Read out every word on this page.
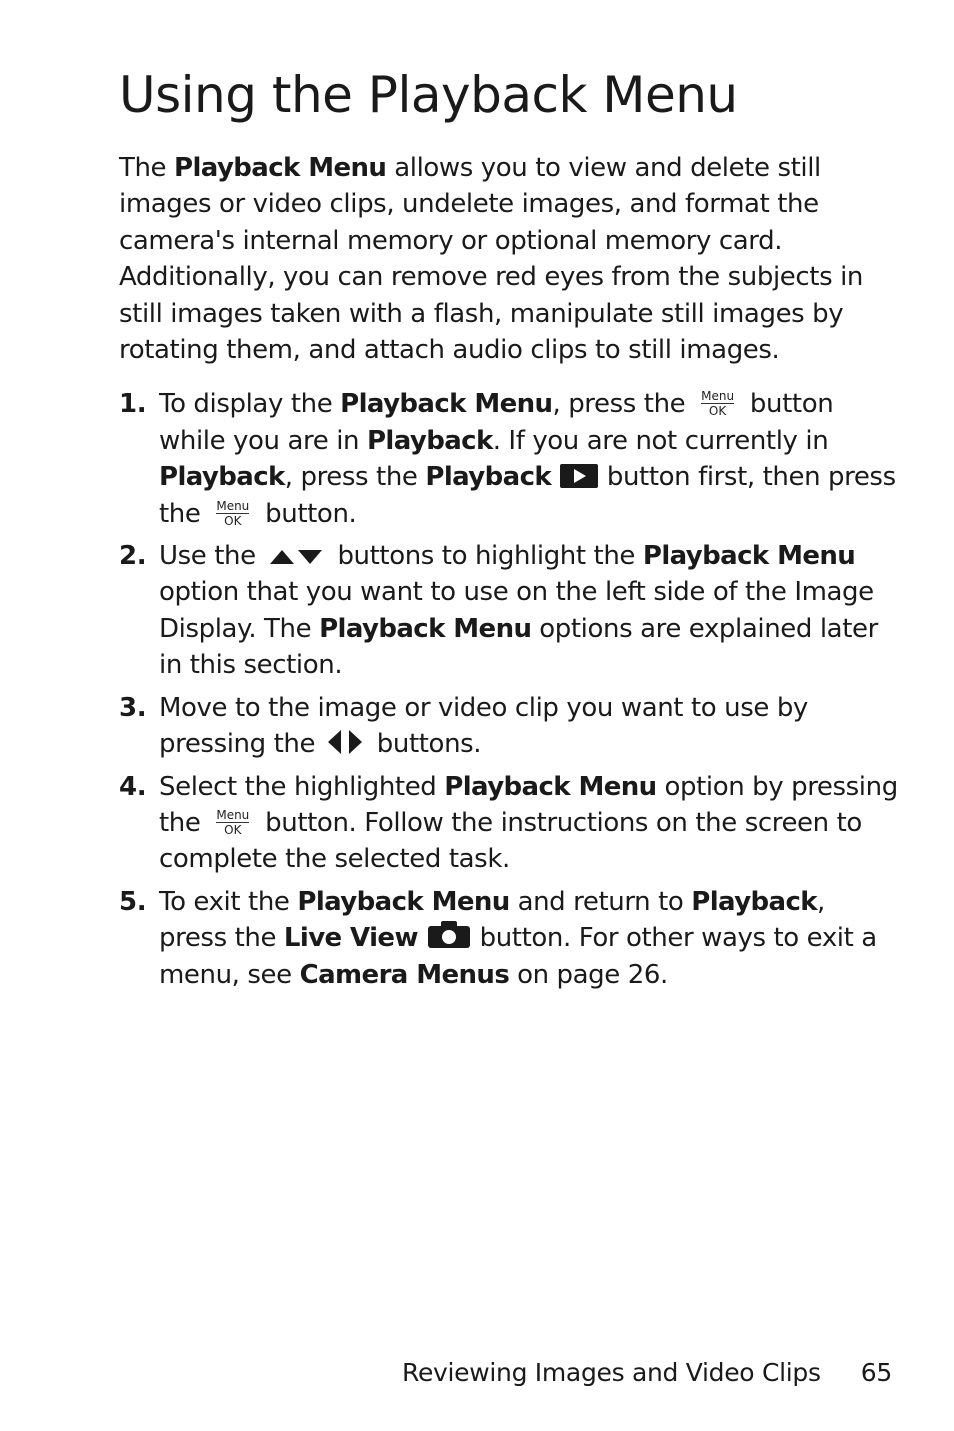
Using the Playback Menu

The Playback Menu allows you to view and delete still images or video clips, undelete images, and format the camera's internal memory or optional memory card. Additionally, you can remove red eyes from the subjects in still images taken with a flash, manipulate still images by rotating them, and attach audio clips to still images.

1. To display the Playback Menu, press the Menu
OK button while you are in Playback. If you are not currently in Playback, press the Playback  button first, then press the Menu
OK button.
2. Use the	buttons to highlight the Playback Menu option that you want to use on the left side of the Image Display. The Playback Menu options are explained later in this section.
3. Move to the image or video clip you want to use by pressing the  buttons.
4. Select the highlighted Playback Menu option by pressing the Menu
OK button. Follow the instructions on the screen to complete the selected task.
5. To exit the Playback Menu and return to Playback, press the Live View  button. For other ways to exit a menu, see Camera Menus on page 26.
Reviewing Images and Video Clips 65
